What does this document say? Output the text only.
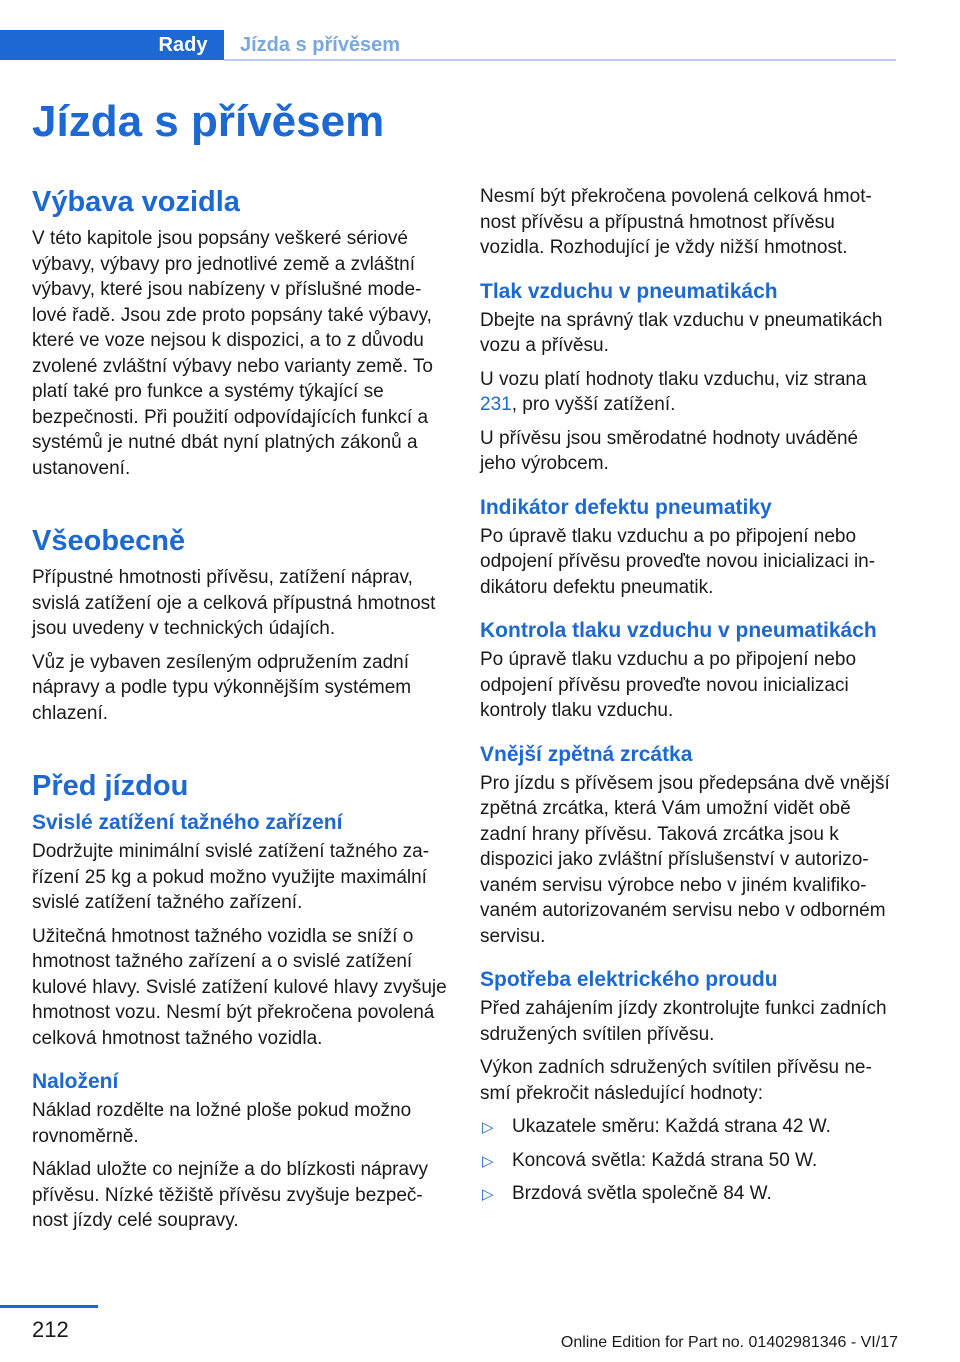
Rady	Jízda s přívěsem
Jízda s přívěsem
Výbava vozidla

V této kapitole jsou popsány veškeré sériové výbavy, výbavy pro jednotlivé země a zvláštní výbavy, které jsou nabízeny v příslušné modelové řadě. Jsou zde proto popsány také výbavy, které ve voze nejsou k dispozici, a to z důvodu zvolené zvláštní výbavy nebo varianty země. To platí také pro funkce a systémy týkající se bezpečnosti. Při použití odpovídajících funkcí a systémů je nutné dbát nyní platných zákonů a ustanovení.

Všeobecně

Přípustné hmotnosti přívěsu, zatížení náprav, svislá zatížení oje a celková přípustná hmotnost jsou uvedeny v technických údajích.

Vůz je vybaven zesíleným odpružením zadní nápravy a podle typu výkonnějším systémem chlazení.

Před jízdou
Svislé zatížení tažného zařízení

Dodržujte minimální svislé zatížení tažného zařízení 25 kg a pokud možno využijte maximální svislé zatížení tažného zařízení.

Užitečná hmotnost tažného vozidla se sníží o hmotnost tažného zařízení a o svislé zatížení kulové hlavy. Svislé zatížení kulové hlavy zvyšuje hmotnost vozu. Nesmí být překročena povolená celková hmotnost tažného vozidla.

Naložení

Náklad rozdělte na ložné ploše pokud možno rovnoměrně.

Náklad uložte co nejníže a do blízkosti nápravy přívěsu. Nízké těžiště přívěsu zvyšuje bezpečnost jízdy celé soupravy.

Nesmí být překročena povolená celková hmotnost přívěsu a přípustná hmotnost přívěsu vozidla. Rozhodující je vždy nižší hmotnost.

Tlak vzduchu v pneumatikách

Dbejte na správný tlak vzduchu v pneumatikách vozu a přívěsu.

U vozu platí hodnoty tlaku vzduchu, viz strana 231, pro vyšší zatížení.

U přívěsu jsou směrodatné hodnoty uváděné jeho výrobcem.

Indikátor defektu pneumatiky

Po úpravě tlaku vzduchu a po připojení nebo odpojení přívěsu proveďte novou inicializaci indikátoru defektu pneumatik.

Kontrola tlaku vzduchu v pneumatikách

Po úpravě tlaku vzduchu a po připojení nebo odpojení přívěsu proveďte novou inicializaci kontroly tlaku vzduchu.

Vnější zpětná zrcátka

Pro jízdu s přívěsem jsou předepsána dvě vnější zpětná zrcátka, která Vám umožní vidět obě zadní hrany přívěsu. Taková zrcátka jsou k dispozici jako zvláštní příslušenství v autorizovaném servisu výrobce nebo v jiném kvalifikovaném autorizovaném servisu nebo v odborném servisu.

Spotřeba elektrického proudu

Před zahájením jízdy zkontrolujte funkci zadních sdružených svítilen přívěsu.

Výkon zadních sdružených svítilen přívěsu nesmí překročit následující hodnoty:

▷ Ukazatele směru: Každá strana 42 W.
▷ Koncová světla: Každá strana 50 W.
▷ Brzdová světla společně 84 W.
212
Online Edition for Part no. 01402981346 - VI/17
